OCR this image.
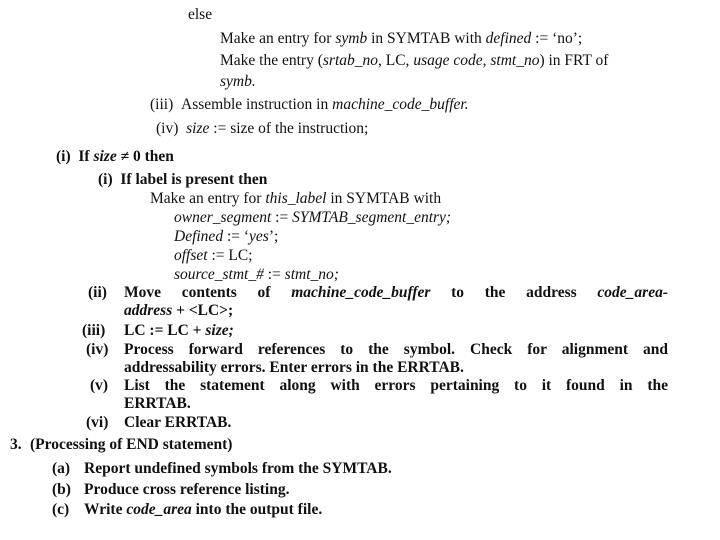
else
Make an entry for symb in SYMTAB with defined := ‘no’;
Make the entry (srtab_no, LC, usage code, stmt_no) in FRT of
symb.
(iii) Assemble instruction in machine_code_buffer.
(iv) size := size of the instruction;
(i) If size ≠ 0 then
(i) If label is present then
Make an entry for this_label in SYMTAB with
owner_segment := SYMTAB_segment_entry;
Defined := ‘yes’;
offset := LC;
source_stmt_# := stmt_no;
(ii) Move contents of machine_code_buffer to the address code_area-
address + <LC>;
(iii) LC := LC + size;
(iv) Process forward references to the symbol. Check for alignment and
addressability errors. Enter errors in the ERRTAB.
(v) List the statement along with errors pertaining to it found in the
ERRTAB.
(vi) Clear ERRTAB.
3. (Processing of END statement)
(a) Report undefined symbols from the SYMTAB.
(b) Produce cross reference listing.
(c) Write code_area into the output file.
